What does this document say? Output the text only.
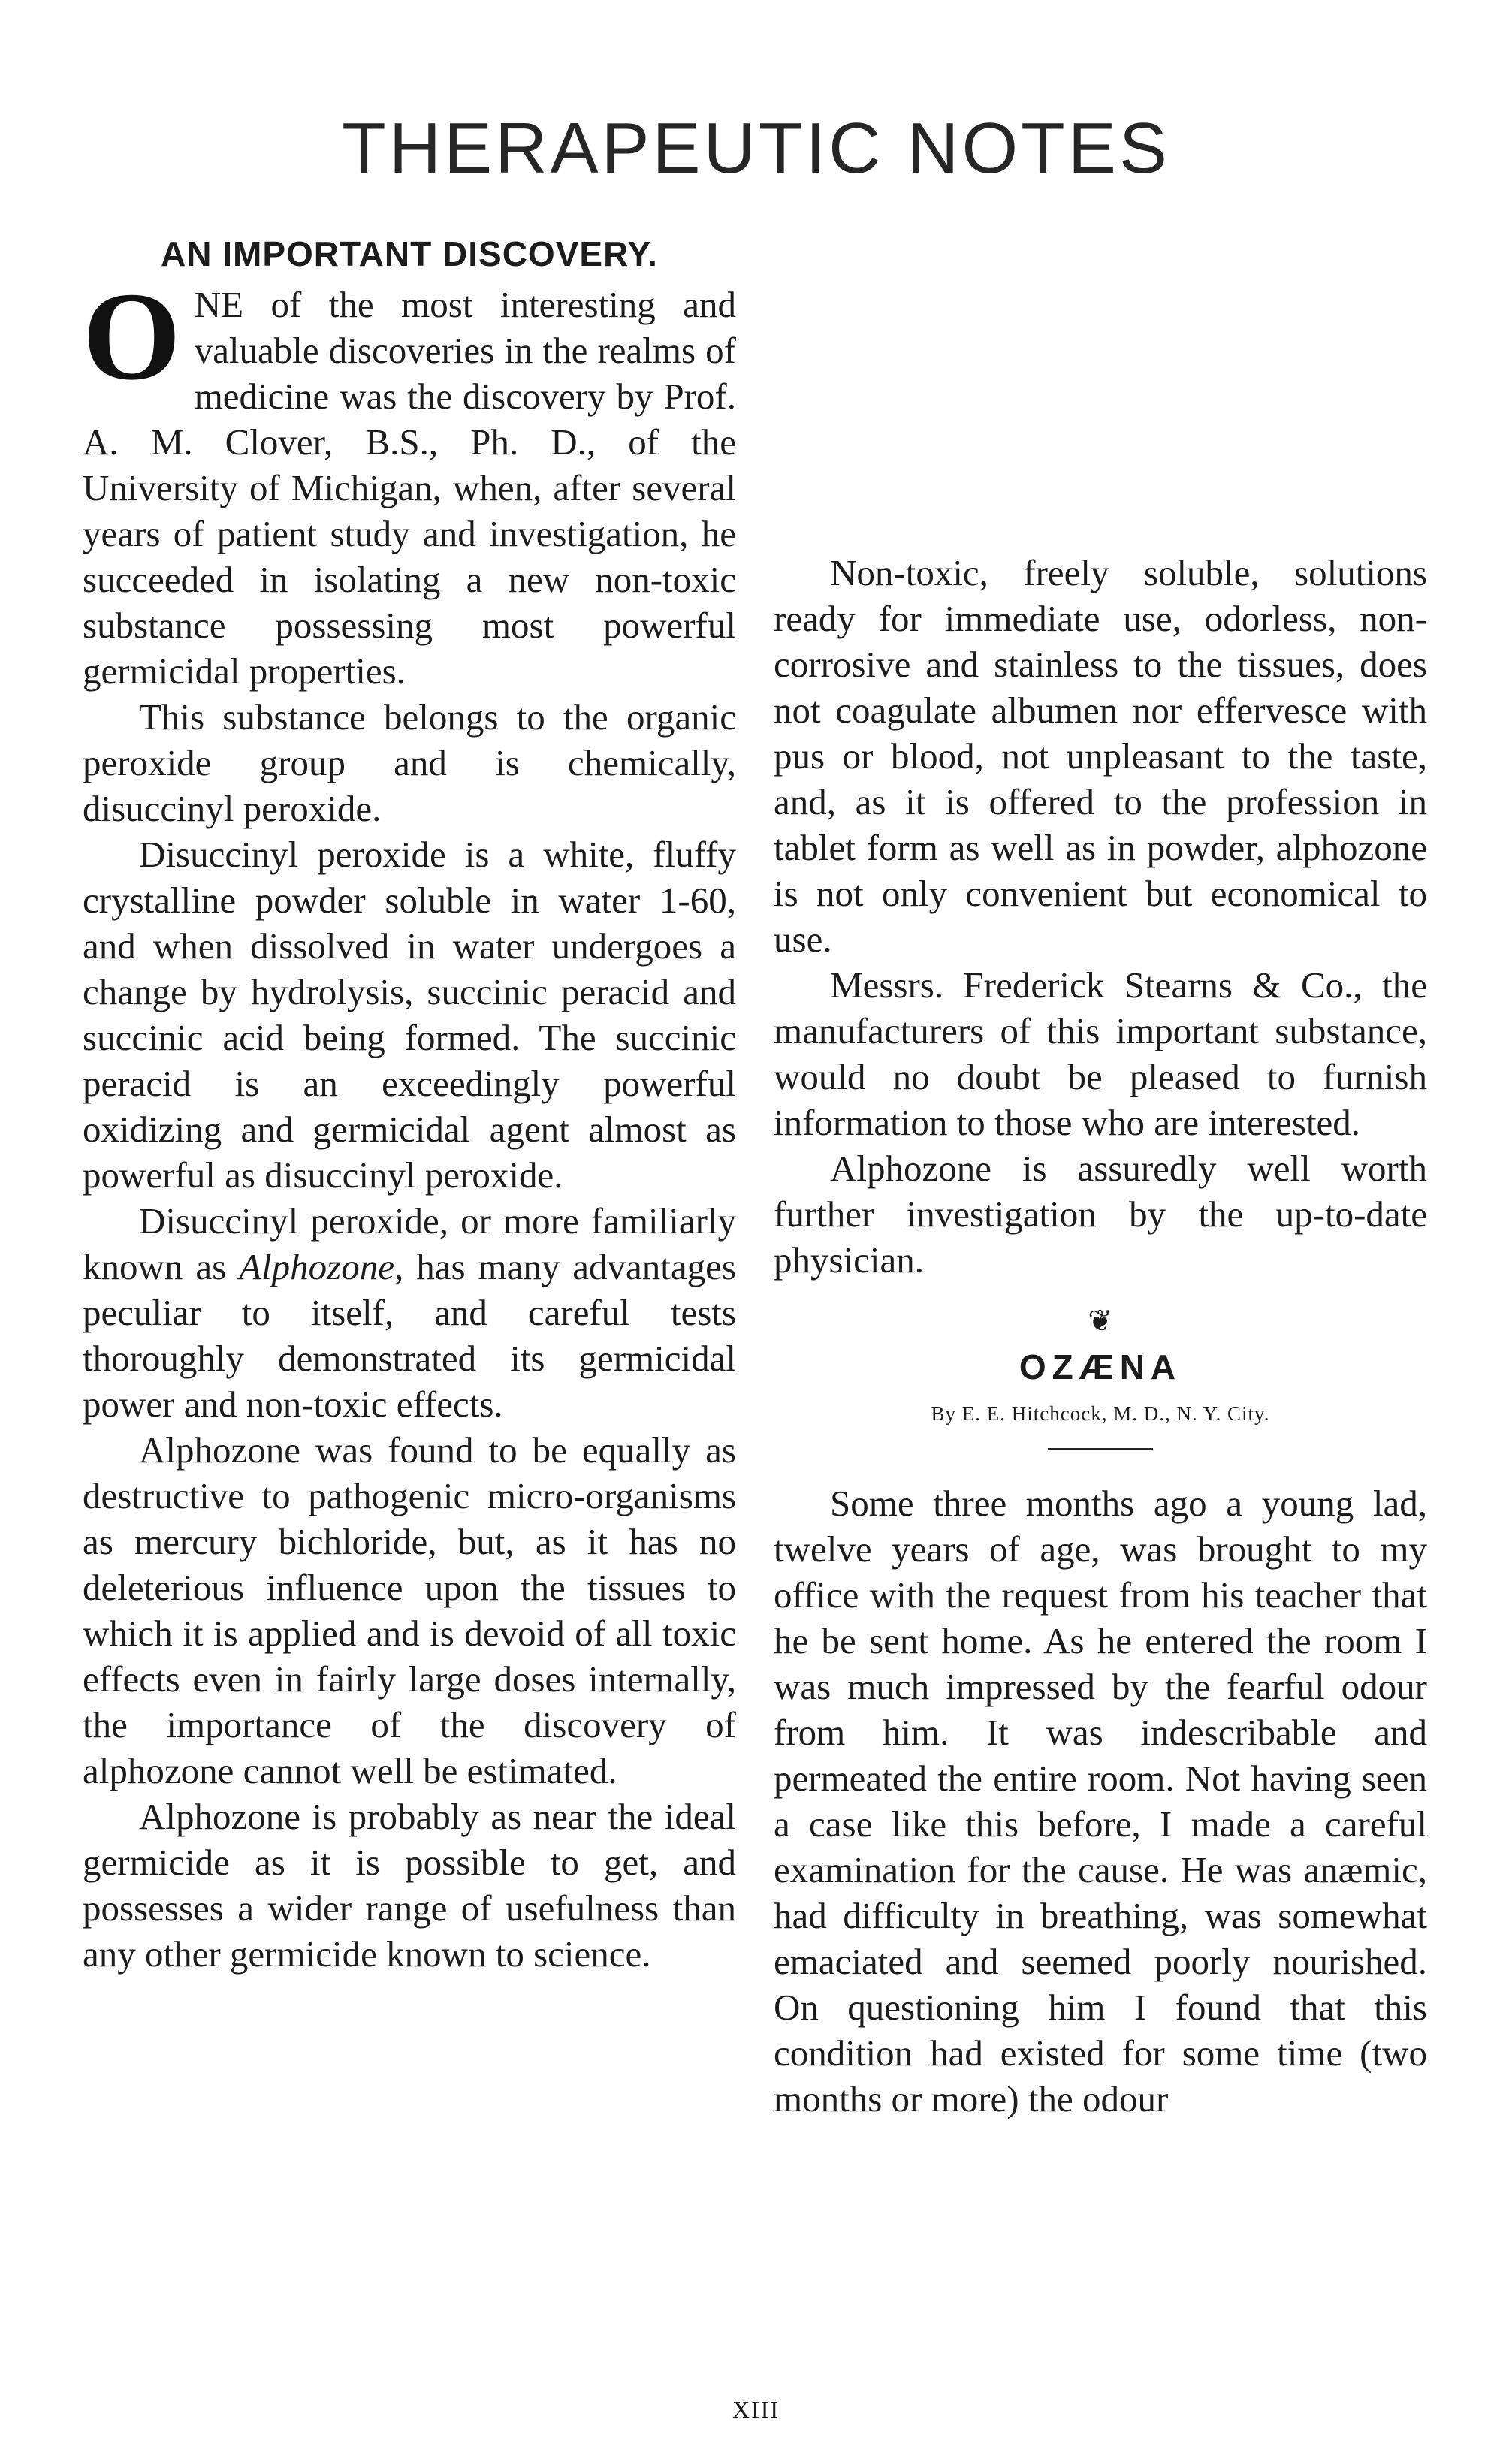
THERAPEUTIC NOTES
AN IMPORTANT DISCOVERY.

ONE of the most interesting and valuable discoveries in the realms of medicine was the discovery by Prof. A. M. Clover, B.S., Ph. D., of the University of Michigan, when, after several years of patient study and investigation, he succeeded in isolating a new non-toxic substance possessing most powerful germicidal properties.

This substance belongs to the organic peroxide group and is chemically, disuccinyl peroxide.

Disuccinyl peroxide is a white, fluffy crystalline powder soluble in water 1-60, and when dissolved in water undergoes a change by hydrolysis, succinic peracid and succinic acid being formed. The succinic peracid is an exceedingly powerful oxidizing and germicidal agent almost as powerful as disuccinyl peroxide.

Disuccinyl peroxide, or more familiarly known as Alphozone, has many advantages peculiar to itself, and careful tests thoroughly demonstrated its germicidal power and non-toxic effects.

Alphozone was found to be equally as destructive to pathogenic micro-organisms as mercury bichloride, but, as it has no deleterious influence upon the tissues to which it is applied and is devoid of all toxic effects even in fairly large doses internally, the importance of the discovery of alphozone cannot well be estimated.

Alphozone is probably as near the ideal germicide as it is possible to get, and possesses a wider range of usefulness than any other germicide known to science.

Non-toxic, freely soluble, solutions ready for immediate use, odorless, non-corrosive and stainless to the tissues, does not coagulate albumen nor effervesce with pus or blood, not unpleasant to the taste, and, as it is offered to the profession in tablet form as well as in powder, alphozone is not only convenient but economical to use.

Messrs. Frederick Stearns & Co., the manufacturers of this important substance, would no doubt be pleased to furnish information to those who are interested.

Alphozone is assuredly well worth further investigation by the up-to-date physician.

❦
OZÆNA
By E. E. Hitchcock, M. D., N. Y. City.

Some three months ago a young lad, twelve years of age, was brought to my office with the request from his teacher that he be sent home. As he entered the room I was much impressed by the fearful odour from him. It was indescribable and permeated the entire room. Not having seen a case like this before, I made a careful examination for the cause. He was anæmic, had difficulty in breathing, was somewhat emaciated and seemed poorly nourished. On questioning him I found that this condition had existed for some time (two months or more) the odour

XIII
